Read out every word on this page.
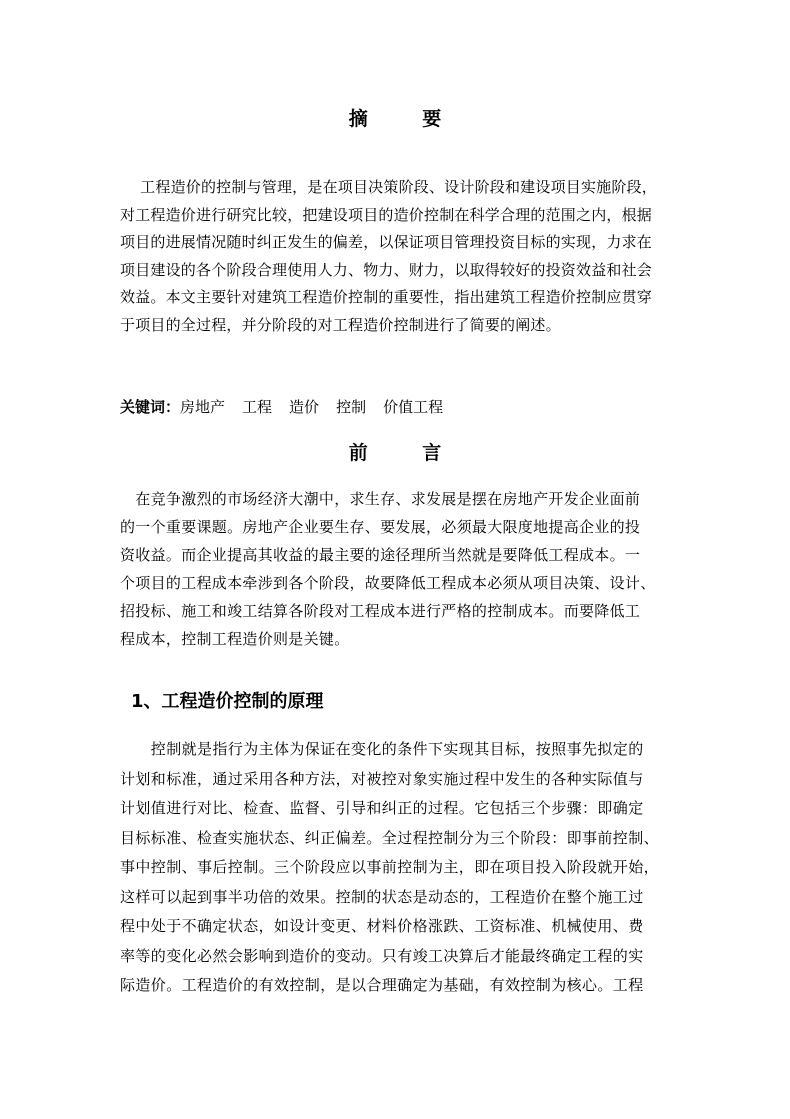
摘 要
　 工程造价的控制与管理，是在项目决策阶段、设计阶段和建设项目实施阶段，
对工程造价进行研究比较，把建设项目的造价控制在科学合理的范围之内，根据
项目的进展情况随时纠正发生的偏差，以保证项目管理投资目标的实现，力求在
项目建设的各个阶段合理使用人力、物力、财力，以取得较好的投资效益和社会
效益。本文主要针对建筑工程造价控制的重要性，指出建筑工程造价控制应贯穿
于项目的全过程，并分阶段的对工程造价控制进行了简要的阐述。
关键词：房地产 工程 造价 控制 价值工程
前 言
　在竞争激烈的市场经济大潮中，求生存、求发展是摆在房地产开发企业面前
的一个重要课题。房地产企业要生存、要发展，必须最大限度地提高企业的投
资收益。而企业提高其收益的最主要的途径理所当然就是要降低工程成本。一
个项目的工程成本牵涉到各个阶段，故要降低工程成本必须从项目决策、设计、
招投标、施工和竣工结算各阶段对工程成本进行严格的控制成本。而要降低工
程成本，控制工程造价则是关键。
1、工程造价控制的原理
　　控制就是指行为主体为保证在变化的条件下实现其目标，按照事先拟定的
计划和标准，通过采用各种方法，对被控对象实施过程中发生的各种实际值与
计划值进行对比、检查、监督、引导和纠正的过程。它包括三个步骤：即确定
目标标准、检查实施状态、纠正偏差。全过程控制分为三个阶段：即事前控制、
事中控制、事后控制。三个阶段应以事前控制为主，即在项目投入阶段就开始，
这样可以起到事半功倍的效果。控制的状态是动态的，工程造价在整个施工过
程中处于不确定状态，如设计变更、材料价格涨跌、工资标准、机械使用、费
率等的变化必然会影响到造价的变动。只有竣工决算后才能最终确定工程的实
际造价。工程造价的有效控制，是以合理确定为基础，有效控制为核心。工程
